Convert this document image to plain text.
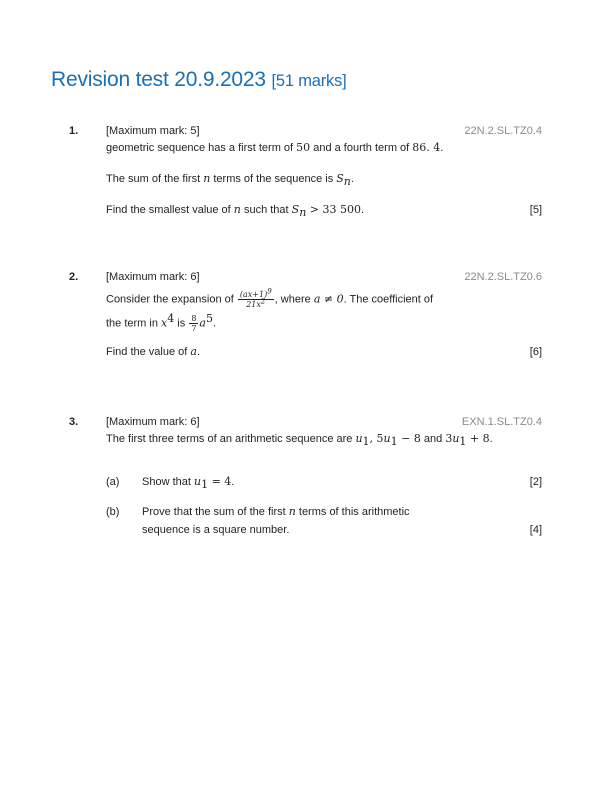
Revision test 20.9.2023 [51 marks]
1.	[Maximum mark: 5]	22N.2.SL.TZ0.4
geometric sequence has a first term of 50 and a fourth term of 86. 4.
The sum of the first n terms of the sequence is $S_n$.
Find the smallest value of n such that $S_n > 33$ 500.	[5]
2.	[Maximum mark: 6]	22N.2.SL.TZ0.6
Consider the expansion of $\frac{(ax+1)^9}{21x^2}$ , where a ≠ 0. The coefficient of
the term in $x^4$ is $\frac{8}{7} a^5$.
Find the value of a.	[6]
3.	[Maximum mark: 6]	EXN.1.SL.TZ0.4
The first three terms of an arithmetic sequence are $u_1$, $5u_1 - 8$ and $3u_1 + 8$.
(a) Show that $u_1 = 4$.	[2]
(b) Prove that the sum of the first n terms of this arithmetic
sequence is a square number.	[4]
